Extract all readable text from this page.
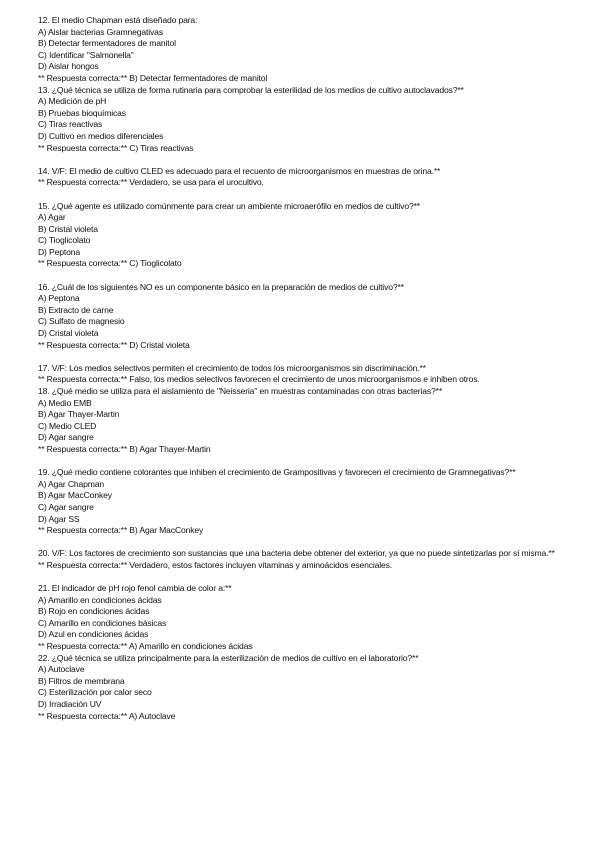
12. El medio Chapman está diseñado para:
A) Aislar bacterias Gramnegativas
B) Detectar fermentadores de manitol
C) Identificar "Salmonella"
D) Aislar hongos
** Respuesta correcta:** B) Detectar fermentadores de manitol
13. ¿Qué técnica se utiliza de forma rutinaria para comprobar la esterilidad de los medios de cultivo autoclavados?**
A) Medición de pH
B) Pruebas bioquímicas
C) Tiras reactivas
D) Cultivo en medios diferenciales
** Respuesta correcta:** C) Tiras reactivas
14. V/F: El medio de cultivo CLED es adecuado para el recuento de microorganismos en muestras de orina.**
** Respuesta correcta:** Verdadero, se usa para el urocultivo.
15. ¿Qué agente es utilizado comúnmente para crear un ambiente microaerófilo en medios de cultivo?**
A) Agar
B) Cristal violeta
C) Tioglicolato
D) Peptona
** Respuesta correcta:** C) Tioglicolato
16. ¿Cuál de los siguientes NO es un componente básico en la preparación de medios de cultivo?**
A) Peptona
B) Extracto de carne
C) Sulfato de magnesio
D) Cristal violeta
** Respuesta correcta:** D) Cristal violeta
17. V/F: Los medios selectivos permiten el crecimiento de todos los microorganismos sin discriminación.**
** Respuesta correcta:** Falso, los medios selectivos favorecen el crecimiento de unos microorganismos e inhiben otros.
18. ¿Qué medio se utiliza para el aislamiento de "Neisseria" en muestras contaminadas con otras bacterias?**
A) Medio EMB
B) Agar Thayer-Martin
C) Medio CLED
D) Agar sangre
** Respuesta correcta:** B) Agar Thayer-Martin
19. ¿Qué medio contiene colorantes que inhiben el crecimiento de Grampositivas y favorecen el crecimiento de Gramnegativas?**
A) Agar Chapman
B) Agar MacConkey
C) Agar sangre
D) Agar SS
** Respuesta correcta:** B) Agar MacConkey
20. V/F: Los factores de crecimiento son sustancias que una bacteria debe obtener del exterior, ya que no puede sintetizarlas por sí misma.**
** Respuesta correcta:** Verdadero, estos factores incluyen vitaminas y aminoácidos esenciales.
21. El indicador de pH rojo fenol cambia de color a:**
A) Amarillo en condiciones ácidas
B) Rojo en condiciones ácidas
C) Amarillo en condiciones básicas
D) Azul en condiciones ácidas
** Respuesta correcta:** A) Amarillo en condiciones ácidas
22. ¿Qué técnica se utiliza principalmente para la esterilización de medios de cultivo en el laboratorio?**
A) Autoclave
B) Filtros de membrana
C) Esterilización por calor seco
D) Irradiación UV
** Respuesta correcta:** A) Autoclave
